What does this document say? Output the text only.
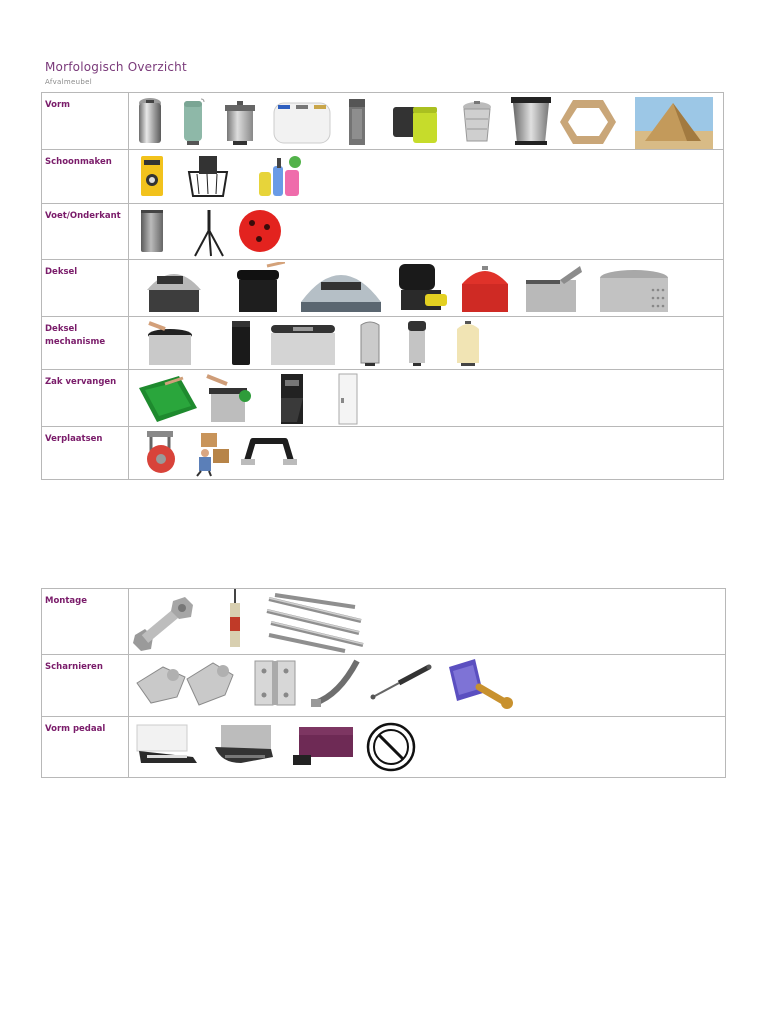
Morfologisch Overzicht
Afvalmeubel
Vorm	

Schoonmaken	

Voet/Onderkant	

Deksel	

Deksel mechanisme	

Zak vervangen	

Verplaatsen	
Montage	

Scharnieren	

Vorm pedaal	
